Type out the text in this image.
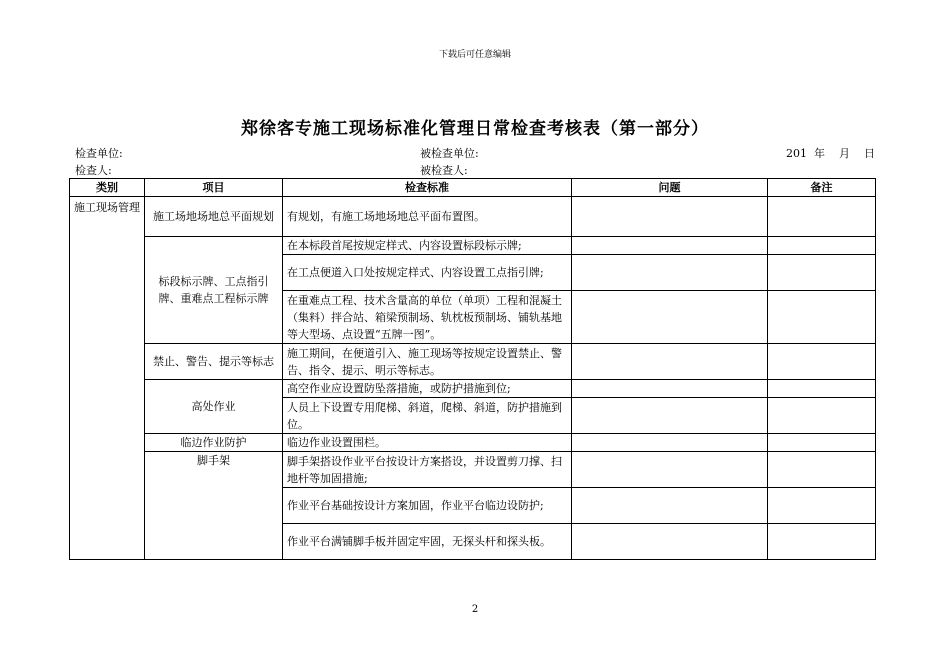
下载后可任意编辑
郑徐客专施工现场标准化管理日常检查考核表（第一部分）
检查单位:	被检查单位:	201  年    月    日
检查人:	被检查人:
类别	项目	检查标准	问题	备注
施工现场管理	施工场地场地总平面规划	有规划，有施工场地场地总平面布置图。		
	标段标示牌、工点指引牌、重难点工程标示牌	在本标段首尾按规定样式、内容设置标段标示牌;		
		在工点便道入口处按规定样式、内容设置工点指引牌;		
		在重难点工程、技术含量高的单位（单项）工程和混凝土（集料）拌合站、箱梁预制场、轨枕板预制场、铺轨基地等大型场、点设置“五牌一图”。		
	禁止、警告、提示等标志	施工期间，在便道引入、施工现场等按规定设置禁止、警告、指令、提示、明示等标志。		
	高处作业	高空作业应设置防坠落措施，或防护措施到位;		
		人员上下设置专用爬梯、斜道，爬梯、斜道，防护措施到位。		
	临边作业防护	临边作业设置围栏。		
	脚手架	脚手架搭设作业平台按设计方案搭设，并设置剪刀撑、扫地杆等加固措施;		
		作业平台基础按设计方案加固，作业平台临边设防护;		
		作业平台满铺脚手板并固定牢固，无探头杆和探头板。		
2
